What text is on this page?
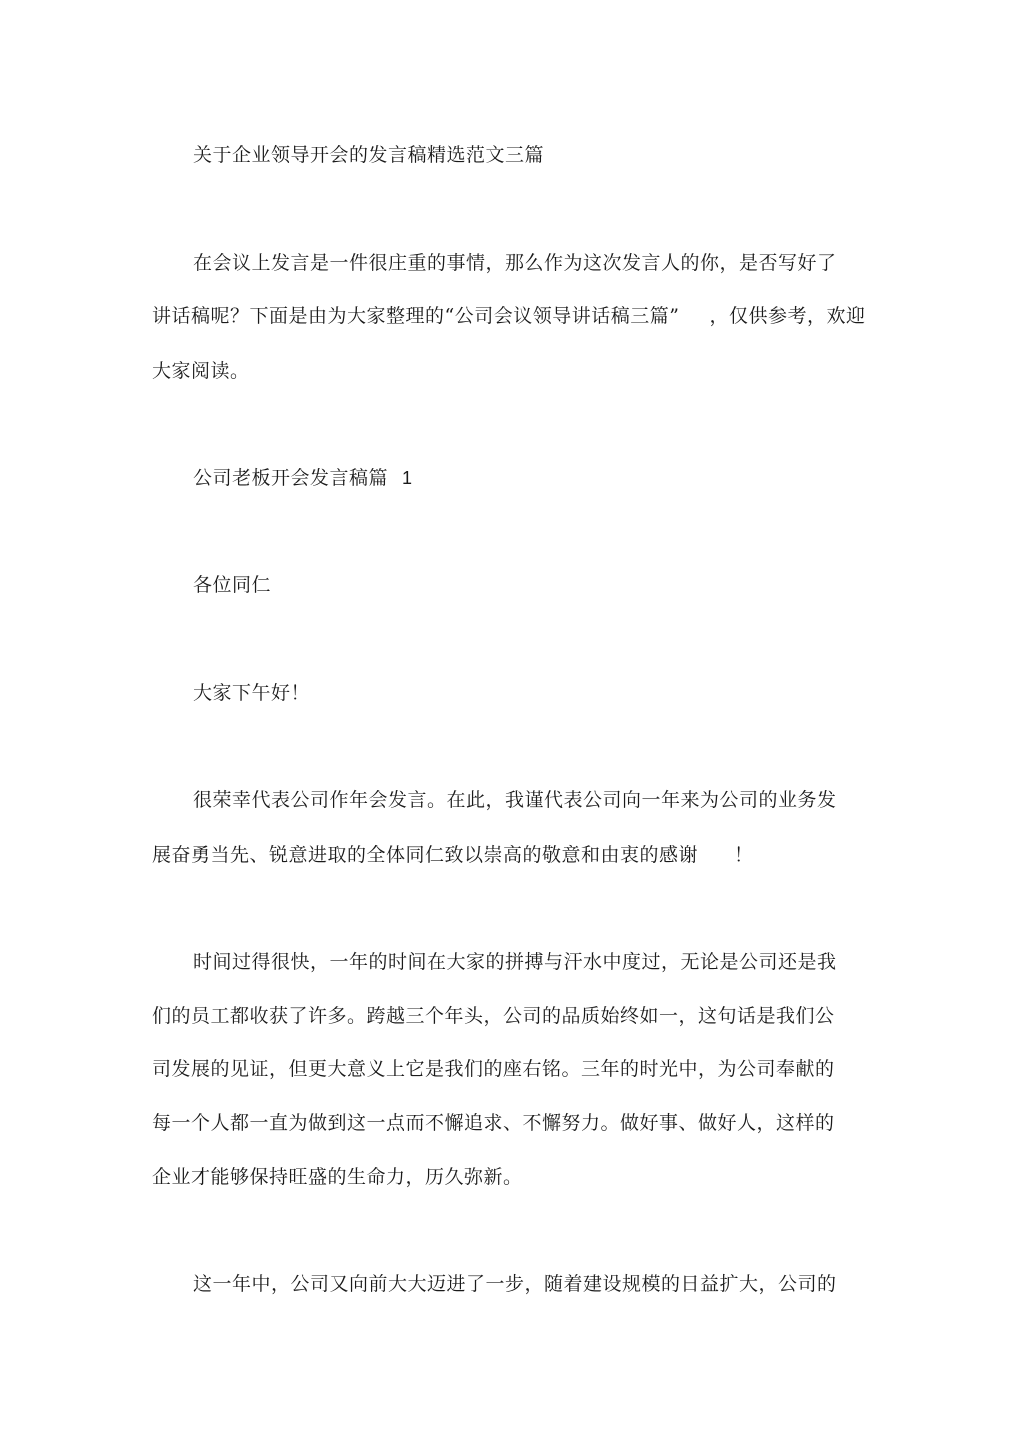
关于企业领导开会的发言稿精选范文三篇
在会议上发言是一件很庄重的事情，那么作为这次发言人的你，是否写好了
讲话稿呢？下面是由为大家整理的“公司会议领导讲话稿三篇” ，仅供参考，欢迎
大家阅读。
公司老板开会发言稿篇 1
各位同仁
大家下午好！
很荣幸代表公司作年会发言。在此，我谨代表公司向一年来为公司的业务发
展奋勇当先、锐意进取的全体同仁致以崇高的敬意和由衷的感谢 ！
时间过得很快，一年的时间在大家的拼搏与汗水中度过，无论是公司还是我
们的员工都收获了许多。跨越三个年头，公司的品质始终如一，这句话是我们公
司发展的见证，但更大意义上它是我们的座右铭。三年的时光中，为公司奉献的
每一个人都一直为做到这一点而不懈追求、不懈努力。做好事、做好人，这样的
企业才能够保持旺盛的生命力，历久弥新。
这一年中，公司又向前大大迈进了一步，随着建设规模的日益扩大，公司的
